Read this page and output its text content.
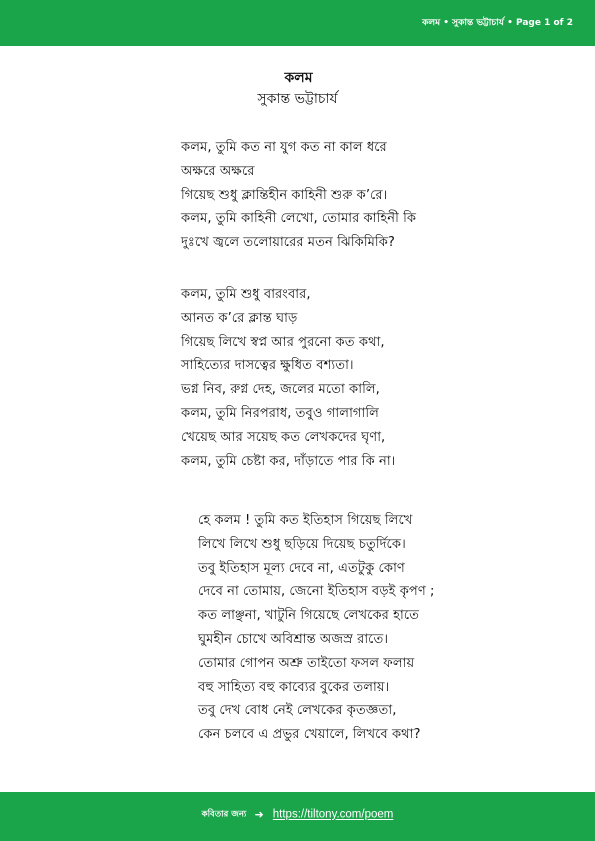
কলম • সুকান্ত ভট্টাচার্য • Page 1 of 2
কলম
সুকান্ত ভট্টাচার্য
কলম, তুমি কত না যুগ কত না কাল ধরে
অক্ষরে অক্ষরে
গিয়েছ শুধু ক্লান্তিহীন কাহিনী শুরু ক’রে।
কলম, তুমি কাহিনী লেখো, তোমার কাহিনী কি
দুঃখে জ্বলে তলোয়ারের মতন ঝিকিমিকি?
কলম, তুমি শুধু বারংবার,
আনত ক’রে ক্লান্ত ঘাড়
গিয়েছ লিখে স্বপ্ন আর পুরনো কত কথা,
সাহিত্যের দাসত্বের ক্ষুধিত বশ্যতা।
ভগ্ন নিব, রুগ্ন দেহ, জলের মতো কালি,
কলম, তুমি নিরপরাধ, তবুও গালাগালি
খেয়েছ আর সয়েছ কত লেখকদের ঘৃণা,
কলম, তুমি চেষ্টা কর, দাঁড়াতে পার কি না।
হে কলম ! তুমি কত ইতিহাস গিয়েছ লিখে
লিখে লিখে শুধু ছড়িয়ে দিয়েছ চতুর্দিকে।
তবু ইতিহাস মূল্য দেবে না, এতটুকু কোণ
দেবে না তোমায়, জেনো ইতিহাস বড়ই কৃপণ ;
কত লাঞ্ছনা, খাটুনি গিয়েছে লেখকের হাতে
ঘুমহীন চোখে অবিশ্রান্ত অজস্র রাতে।
তোমার গোপন অশ্রু তাইতো ফসল ফলায়
বহু সাহিত্য বহু কাব্যের বুকের তলায়।
তবু দেখ বোধ নেই লেখকের কৃতজ্ঞতা,
কেন চলবে এ প্রভুর খেয়ালে, লিখবে কথা?
কবিতার জন্য ➜ https://tiltony.com/poem
